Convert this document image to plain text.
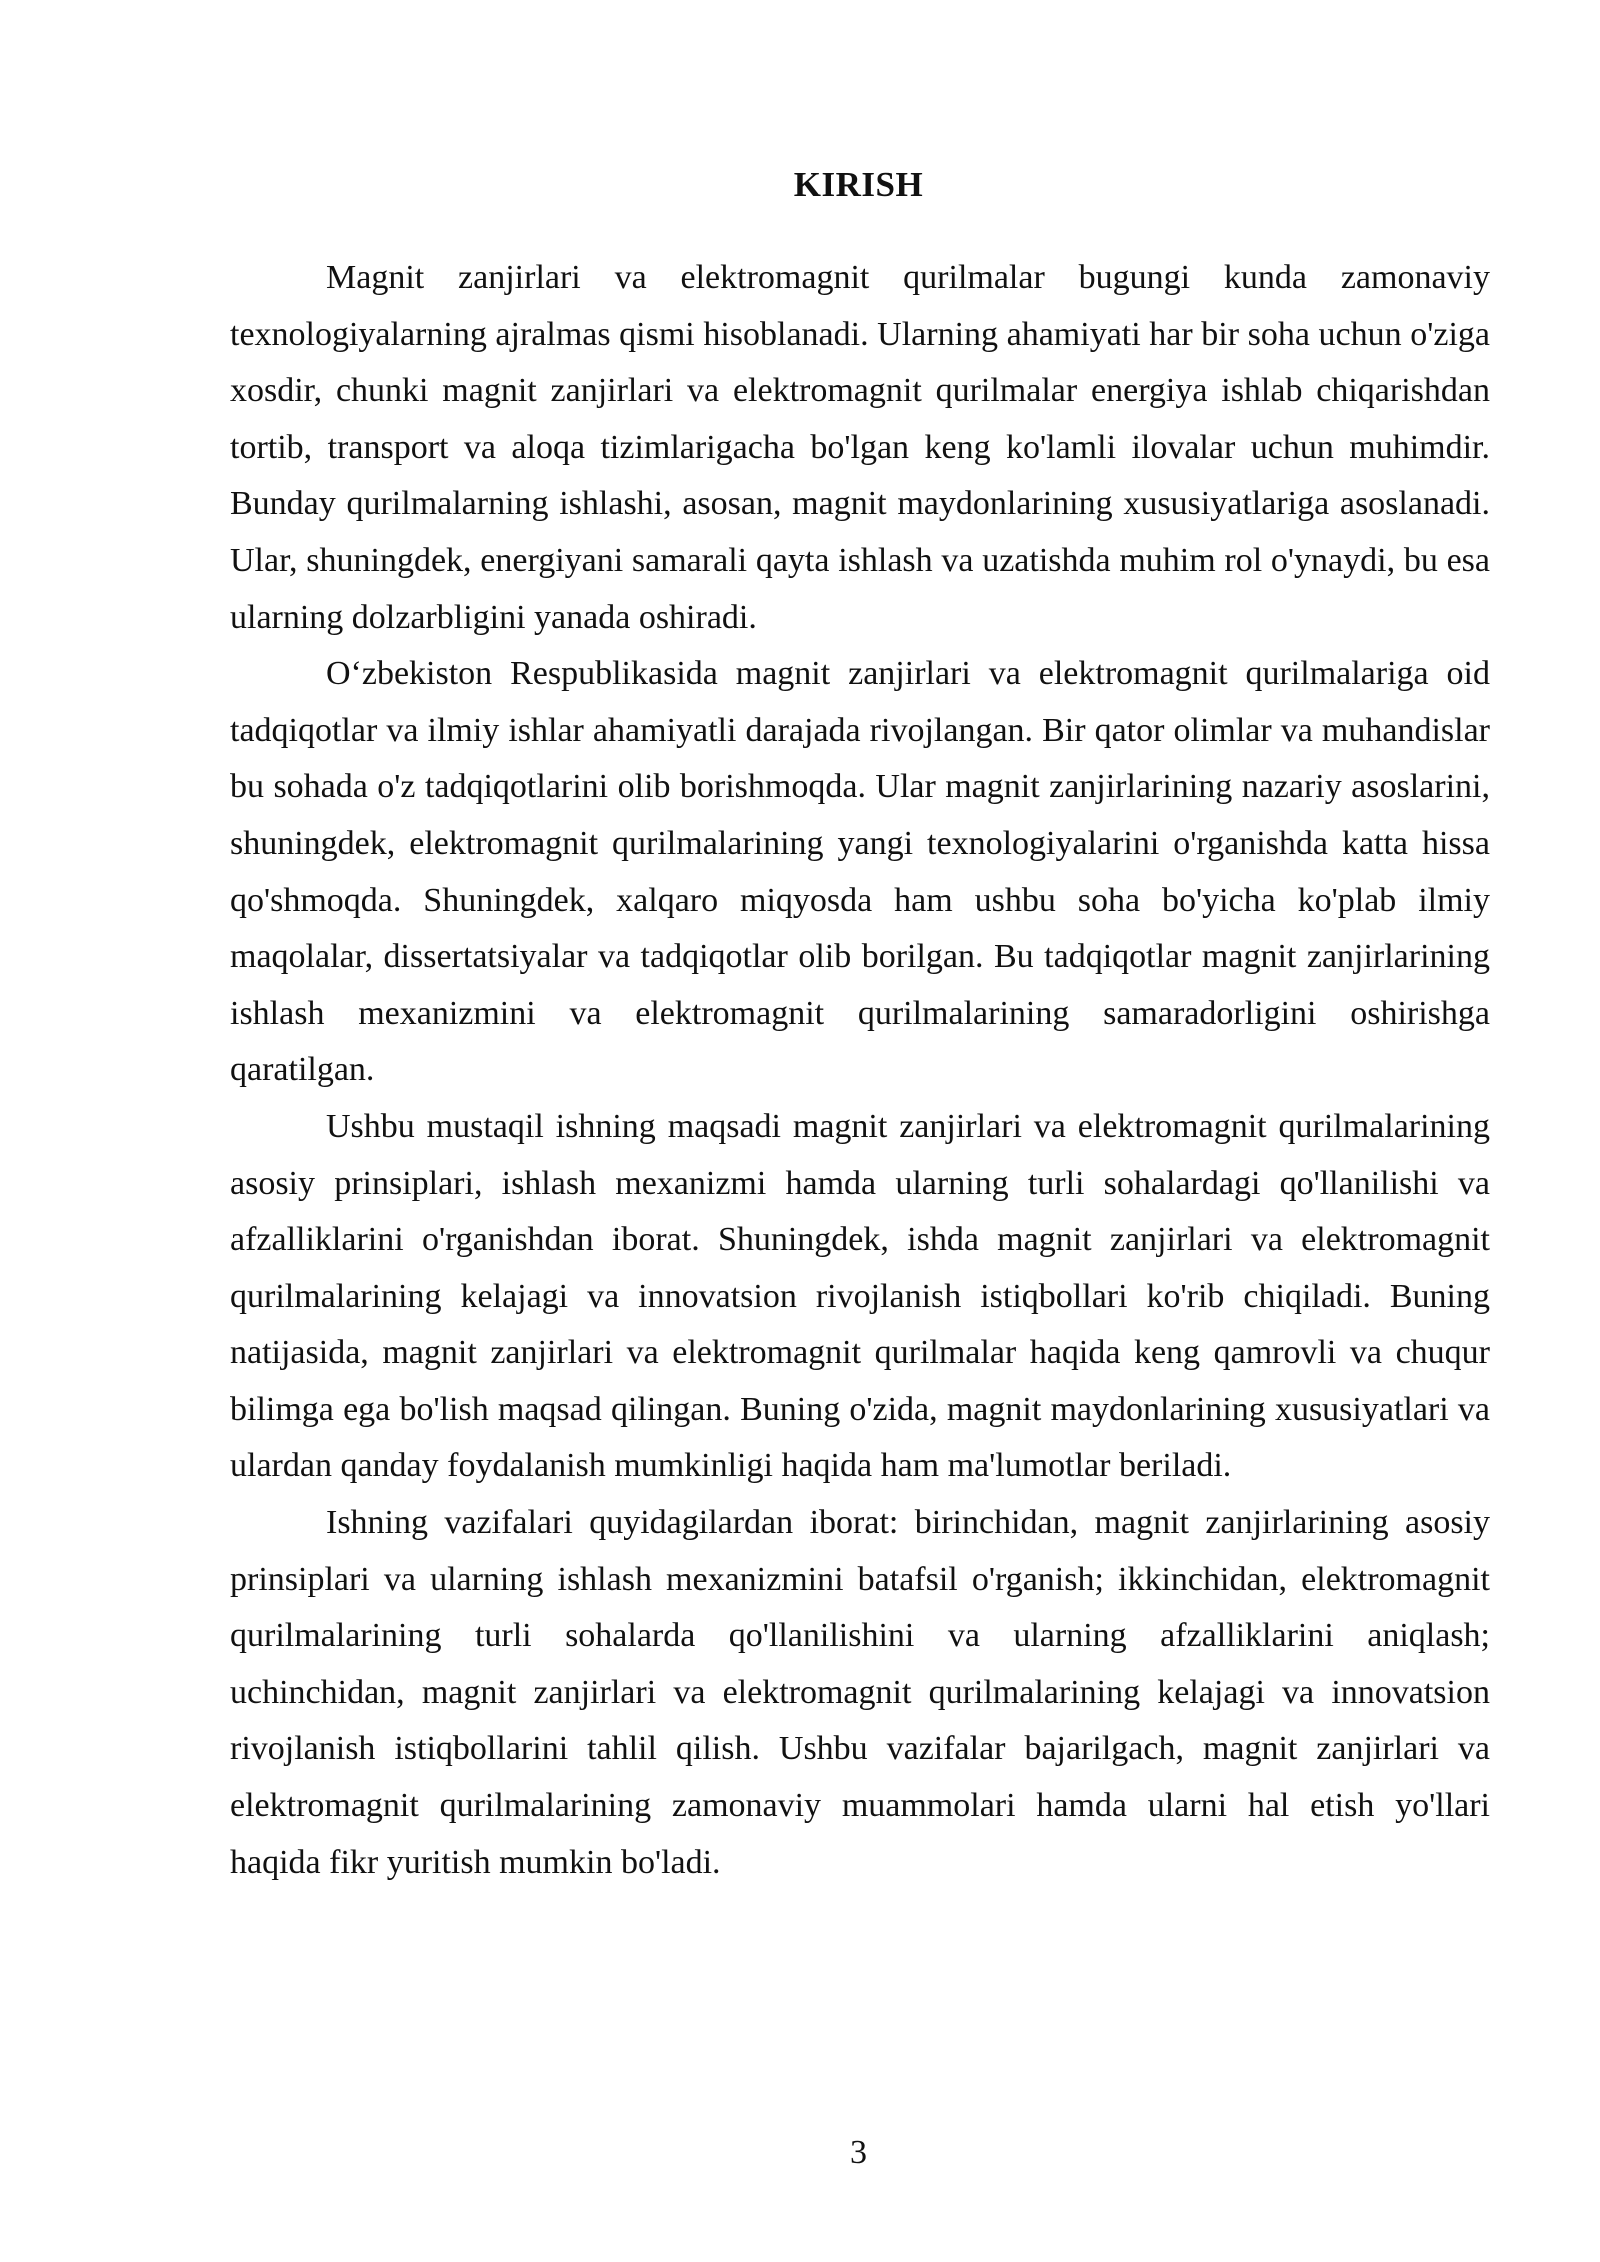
KIRISH

Magnit zanjirlari va elektromagnit qurilmalar bugungi kunda zamonaviy texnologiyalarning ajralmas qismi hisoblanadi. Ularning ahamiyati har bir soha uchun o'ziga xosdir, chunki magnit zanjirlari va elektromagnit qurilmalar energiya ishlab chiqarishdan tortib, transport va aloqa tizimlarigacha bo'lgan keng ko'lamli ilovalar uchun muhimdir. Bunday qurilmalarning ishlashi, asosan, magnit maydonlarining xususiyatlariga asoslanadi. Ular, shuningdek, energiyani samarali qayta ishlash va uzatishda muhim rol o'ynaydi, bu esa ularning dolzarbligini yanada oshiradi.

O‘zbekiston Respublikasida magnit zanjirlari va elektromagnit qurilmalariga oid tadqiqotlar va ilmiy ishlar ahamiyatli darajada rivojlangan. Bir qator olimlar va muhandislar bu sohada o'z tadqiqotlarini olib borishmoqda. Ular magnit zanjirlarining nazariy asoslarini, shuningdek, elektromagnit qurilmalarining yangi texnologiyalarini o'rganishda katta hissa qo'shmoqda. Shuningdek, xalqaro miqyosda ham ushbu soha bo'yicha ko'plab ilmiy maqolalar, dissertatsiyalar va tadqiqotlar olib borilgan. Bu tadqiqotlar magnit zanjirlarining ishlash mexanizmini va elektromagnit qurilmalarining samaradorligini oshirishga qaratilgan.

Ushbu mustaqil ishning maqsadi magnit zanjirlari va elektromagnit qurilmalarining asosiy prinsiplari, ishlash mexanizmi hamda ularning turli sohalardagi qo'llanilishi va afzalliklarini o'rganishdan iborat. Shuningdek, ishda magnit zanjirlari va elektromagnit qurilmalarining kelajagi va innovatsion rivojlanish istiqbollari ko'rib chiqiladi. Buning natijasida, magnit zanjirlari va elektromagnit qurilmalar haqida keng qamrovli va chuqur bilimga ega bo'lish maqsad qilingan. Buning o'zida, magnit maydonlarining xususiyatlari va ulardan qanday foydalanish mumkinligi haqida ham ma'lumotlar beriladi.

Ishning vazifalari quyidagilardan iborat: birinchidan, magnit zanjirlarining asosiy prinsiplari va ularning ishlash mexanizmini batafsil o'rganish; ikkinchidan, elektromagnit qurilmalarining turli sohalarda qo'llanilishini va ularning afzalliklarini aniqlash; uchinchidan, magnit zanjirlari va elektromagnit qurilmalarining kelajagi va innovatsion rivojlanish istiqbollarini tahlil qilish. Ushbu vazifalar bajarilgach, magnit zanjirlari va elektromagnit qurilmalarining zamonaviy muammolari hamda ularni hal etish yo'llari haqida fikr yuritish mumkin bo'ladi.

3
